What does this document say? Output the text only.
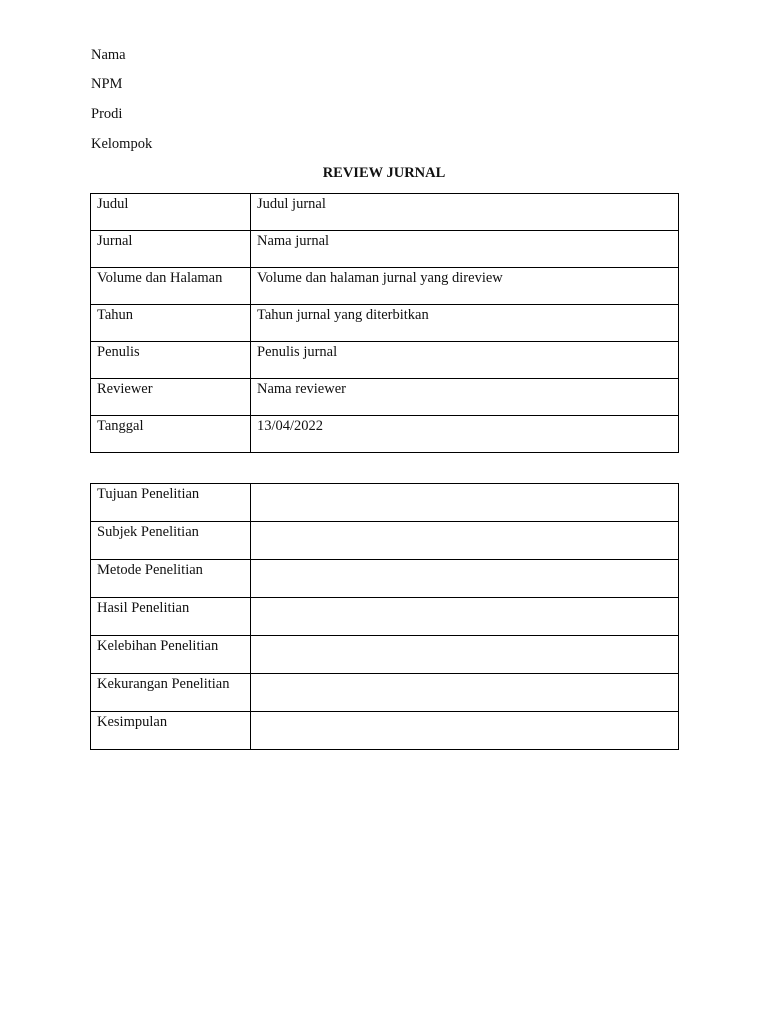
Nama
NPM
Prodi
Kelompok
REVIEW JURNAL
Judul	Judul jurnal
Jurnal	Nama jurnal
Volume dan Halaman	Volume dan halaman jurnal yang direview
Tahun	Tahun jurnal yang diterbitkan
Penulis	Penulis jurnal
Reviewer	Nama reviewer
Tanggal	13/04/2022
Tujuan Penelitian	
Subjek Penelitian	
Metode Penelitian	
Hasil Penelitian	
Kelebihan Penelitian	
Kekurangan Penelitian	
Kesimpulan	
